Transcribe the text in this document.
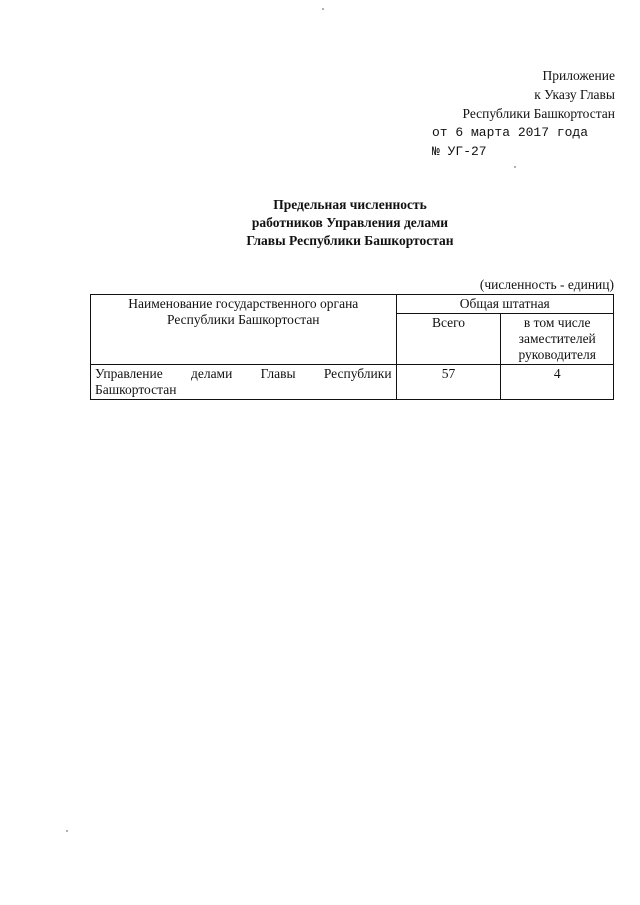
Приложение
к Указу Главы
Республики Башкортостан
от 6 марта 2017 года
№ УГ-27
Предельная численность
работников Управления делами
Главы Республики Башкортостан
(численность - единиц)
Наименование государственного органа Республики Башкортостан	Общая штатная	
	Всего	в том числе заместителей руководителя
Управление делами Главы Республики Башкортостан	57	4
